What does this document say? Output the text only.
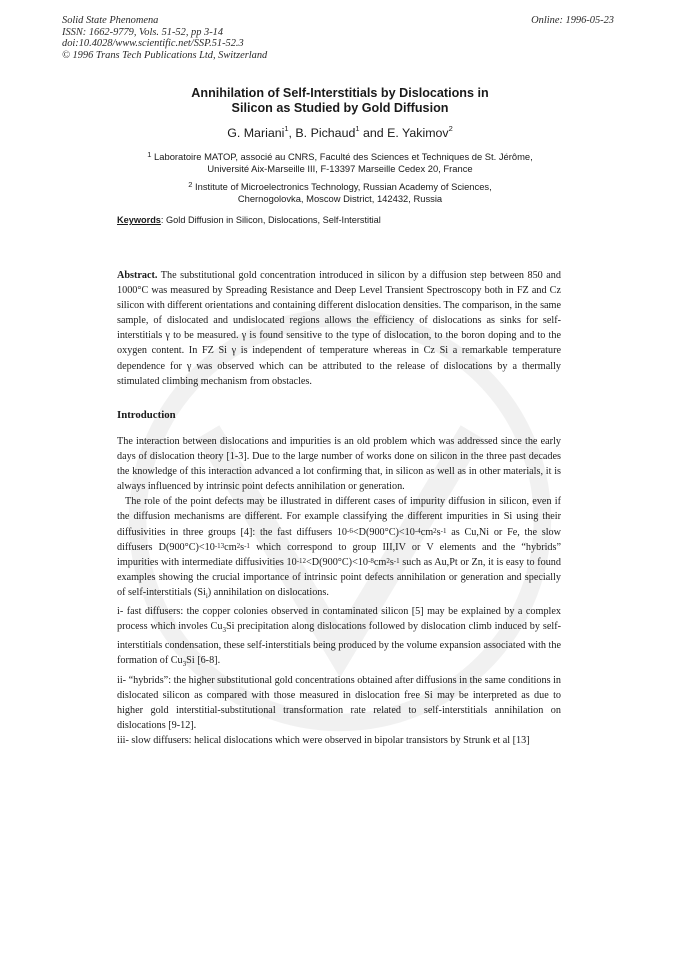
Solid State Phenomena
ISSN: 1662-9779, Vols. 51-52, pp 3-14
doi:10.4028/www.scientific.net/SSP.51-52.3
© 1996 Trans Tech Publications Ltd, Switzerland
Online: 1996-05-23
Annihilation of Self-Interstitials by Dislocations in
Silicon as Studied by Gold Diffusion
G. Mariani$^1$, B. Pichaud$^1$ and E. Yakimov$^2$
$^1$ Laboratoire MATOP, associé au CNRS, Faculté des Sciences et Techniques de St. Jérôme,
Université Aix-Marseille III, F-13397 Marseille Cedex 20, France
$^2$ Institute of Microelectronics Technology, Russian Academy of Sciences,
Chernogolovka, Moscow District, 142432, Russia
Keywords: Gold Diffusion in Silicon, Dislocations, Self-Interstitial
Abstract. The substitutional gold concentration introduced in silicon by a diffusion step between 850 and 1000°C was measured by Spreading Resistance and Deep Level Transient Spectroscopy both in FZ and Cz silicon with different orientations and containing different dislocation densities. The comparison, in the same sample, of dislocated and undislocated regions allows the efficiency of dislocations as sinks for self-interstitials γ to be measured. γ is found sensitive to the type of dislocation, to the boron doping and to the oxygen content. In FZ Si γ is independent of temperature whereas in Cz Si a remarkable temperature dependence for γ was observed which can be attributed to the release of dislocations by a thermally stimulated climbing mechanism from obstacles.
Introduction

The interaction between dislocations and impurities is an old problem which was addressed since the early days of dislocation theory [1-3]. Due to the large number of works done on silicon in the three past decades the knowledge of this interaction advanced a lot confirming that, in silicon as well as in other materials, it is always influenced by intrinsic point defects annihilation or generation.

The role of the point defects may be illustrated in different cases of impurity diffusion in silicon, even if the diffusion mechanisms are different. For example classifying the different impurities in Si using their diffusivities in three groups [4]: the fast diffusers $10^{-6}<D(900^\circ C)<10^{-4}cm^2s^{-1}$ as Cu,Ni or Fe, the slow diffusers $D(900^\circ C)<10^{-13}cm^2s^{-1}$ which correspond to group III,IV or V elements and the “hybrids” impurities with intermediate diffusivities $10^{-12}<D(900^\circ C)<10^{-8}cm^2s^{-1}$ such as Au,Pt or Zn, it is easy to found examples showing the crucial importance of intrinsic point defects annihilation or generation and specially of self-interstitials $(Si_i)$ annihilation on dislocations.

i- fast diffusers: the copper colonies observed in contaminated silicon [5] may be explained by a complex process which involes $Cu_3Si$ precipitation along dislocations followed by dislocation climb induced by self-interstitials condensation, these self-interstitials being produced by the volume expansion associated with the formation of $Cu_3Si$ [6-8].

ii- “hybrids”: the higher substitutional gold concentrations obtained after diffusions in the same conditions in dislocated silicon as compared with those measured in dislocation free Si may be interpreted as due to higher gold interstitial-substitutional transformation rate related to self-interstitials annihilation on dislocations [9-12].

iii- slow diffusers: helical dislocations which were observed in bipolar transistors by Strunk et al [13]
